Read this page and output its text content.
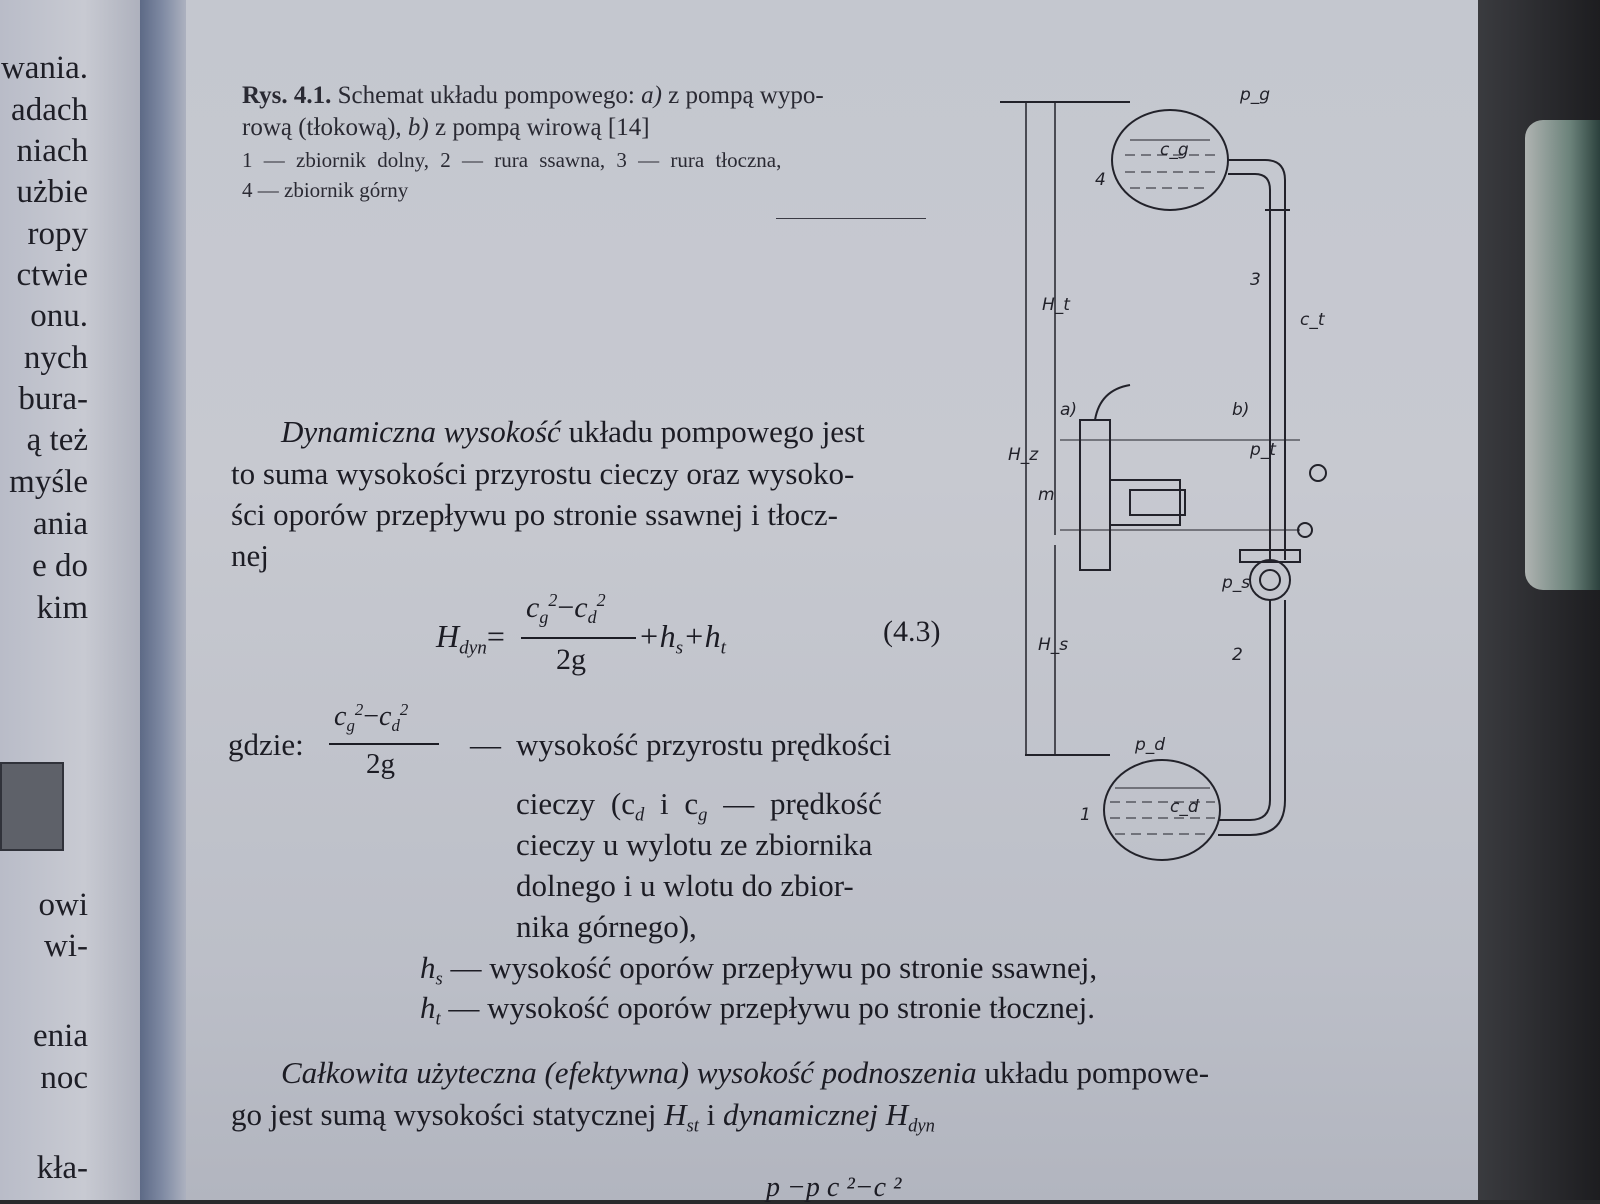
wania.
adach
niach
użbie
ropy
ctwie
onu.
nych
bura-
ą też
myśle
ania
e do
kim
owi
wi-
enia
noc
kła-
Rys. 4.1. Schemat układu pompowego: a) z pompą wypo-
rową (tłokową), b) z pompą wirową [14]
1 — zbiornik dolny, 2 — rura ssawna, 3 — rura tłoczna,
4 — zbiornik górny
Dynamiczna wysokość układu pompowego jest
to suma wysokości przyrostu cieczy oraz wysoko-
ści oporów przepływu po stronie ssawnej i tłocz-
nej
$H_{dyn}=$
$c_g^2-c_d^2$
2g
$+h_s+h_t$
(4.3)
gdzie:
$c_g^2-c_d^2$
2g
— wysokość przyrostu prędkości
cieczy ($c_d$ i $c_g$ — prędkość
cieczy u wylotu ze zbiornika
dolnego i u wlotu do zbior-
nika górnego),
$h_s$ — wysokość oporów przepływu po stronie ssawnej,
$h_t$ — wysokość oporów przepływu po stronie tłocznej.
Całkowita użyteczna (efektywna) wysokość podnoszenia układu pompowe-
go jest sumą wysokości statycznej $H_{st}$ i dynamicznej $H_{dyn}$
p −p c ²−c ²
p_g
c_g
4
3
c_t
H_t
H_z
H_s
m
a)	b)
p_t
p_s
2
p_d
c_d
1
